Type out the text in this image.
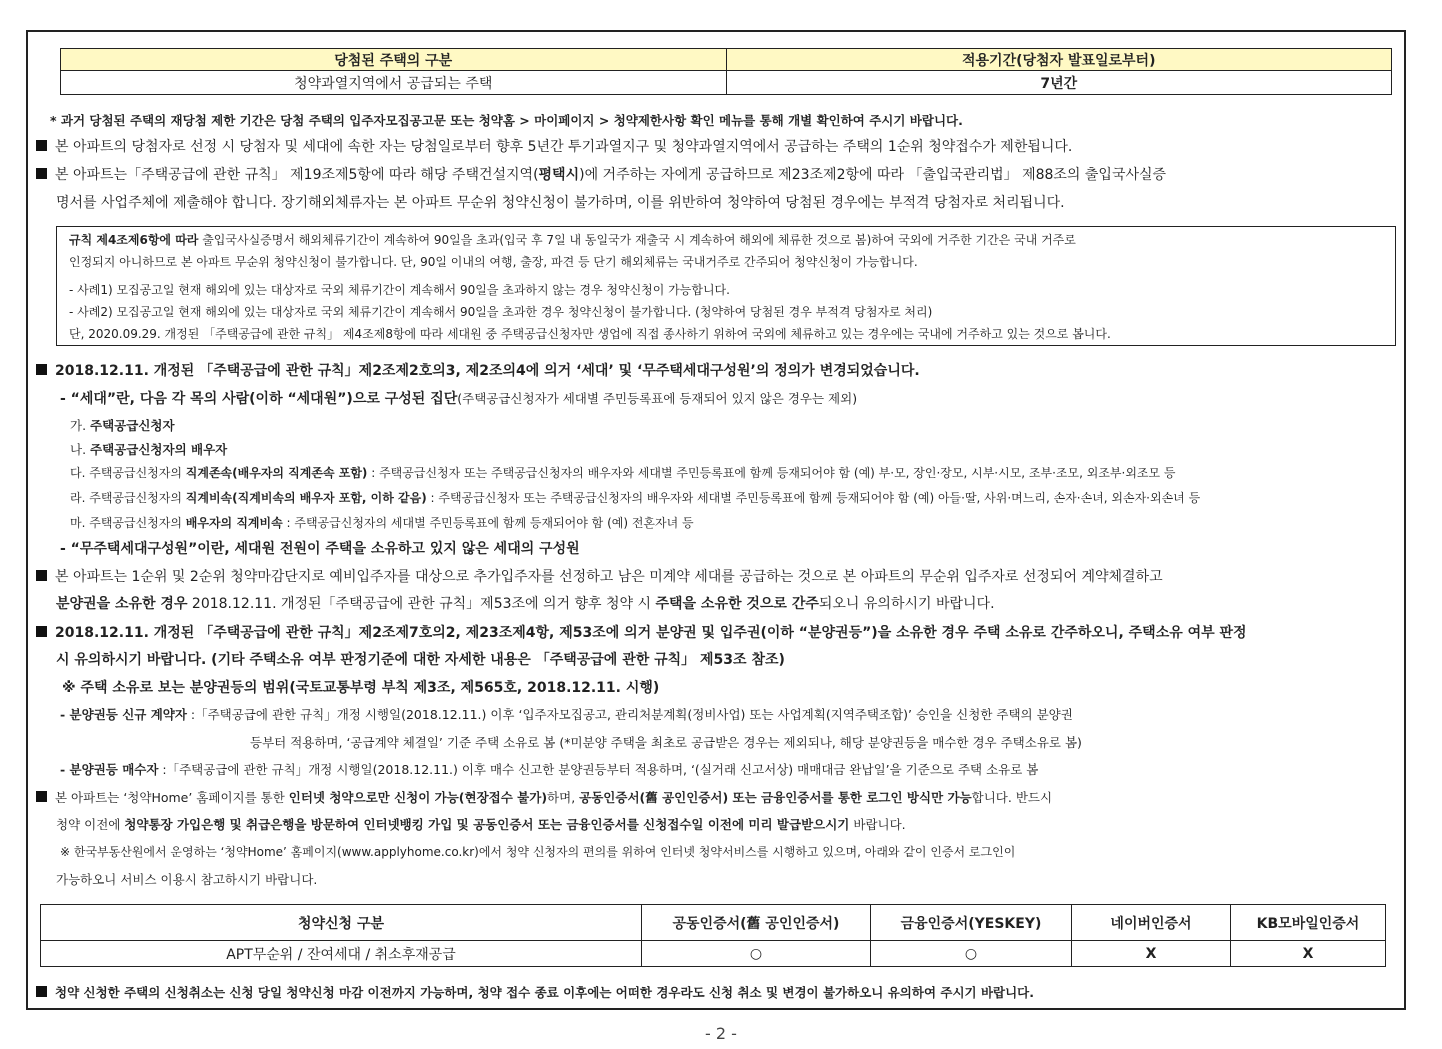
당첨된 주택의 구분	적용기간(당첨자 발표일로부터)
청약과열지역에서 공급되는 주택	7년간
* 과거 당첨된 주택의 재당첨 제한 기간은 당첨 주택의 입주자모집공고문 또는 청약홈 > 마이페이지 > 청약제한사항 확인 메뉴를 통해 개별 확인하여 주시기 바랍니다.
본 아파트의 당첨자로 선정 시 당첨자 및 세대에 속한 자는 당첨일로부터 향후 5년간 투기과열지구 및 청약과열지역에서 공급하는 주택의 1순위 청약접수가 제한됩니다.
본 아파트는「주택공급에 관한 규칙」 제19조제5항에 따라 해당 주택건설지역(평택시)에 거주하는 자에게 공급하므로 제23조제2항에 따라 「출입국관리법」 제88조의 출입국사실증
명서를 사업주체에 제출해야 합니다. 장기해외체류자는 본 아파트 무순위 청약신청이 불가하며, 이를 위반하여 청약하여 당첨된 경우에는 부적격 당첨자로 처리됩니다.
규칙 제4조제6항에 따라 출입국사실증명서 해외체류기간이 계속하여 90일을 초과(입국 후 7일 내 동일국가 재출국 시 계속하여 해외에 체류한 것으로 봄)하여 국외에 거주한 기간은 국내 거주로
인정되지 아니하므로 본 아파트 무순위 청약신청이 불가합니다. 단, 90일 이내의 여행, 출장, 파견 등 단기 해외체류는 국내거주로 간주되어 청약신청이 가능합니다.
- 사례1) 모집공고일 현재 해외에 있는 대상자로 국외 체류기간이 계속해서 90일을 초과하지 않는 경우 청약신청이 가능합니다.
- 사례2) 모집공고일 현재 해외에 있는 대상자로 국외 체류기간이 계속해서 90일을 초과한 경우 청약신청이 불가합니다. (청약하여 당첨된 경우 부적격 당첨자로 처리)
단, 2020.09.29. 개정된 「주택공급에 관한 규칙」 제4조제8항에 따라 세대원 중 주택공급신청자만 생업에 직접 종사하기 위하여 국외에 체류하고 있는 경우에는 국내에 거주하고 있는 것으로 봅니다.
2018.12.11. 개정된 「주택공급에 관한 규칙」제2조제2호의3, 제2조의4에 의거 ‘세대’ 및 ‘무주택세대구성원’의 정의가 변경되었습니다.
- “세대”란, 다음 각 목의 사람(이하 “세대원”)으로 구성된 집단(주택공급신청자가 세대별 주민등록표에 등재되어 있지 않은 경우는 제외)
가. 주택공급신청자
나. 주택공급신청자의 배우자
다. 주택공급신청자의 직계존속(배우자의 직계존속 포함) : 주택공급신청자 또는 주택공급신청자의 배우자와 세대별 주민등록표에 함께 등재되어야 함 (예) 부·모, 장인·장모, 시부·시모, 조부·조모, 외조부·외조모 등
라. 주택공급신청자의 직계비속(직계비속의 배우자 포함, 이하 같음) : 주택공급신청자 또는 주택공급신청자의 배우자와 세대별 주민등록표에 함께 등재되어야 함 (예) 아들·딸, 사위·며느리, 손자·손녀, 외손자·외손녀 등
마. 주택공급신청자의 배우자의 직계비속 : 주택공급신청자의 세대별 주민등록표에 함께 등재되어야 함 (예) 전혼자녀 등
- “무주택세대구성원”이란, 세대원 전원이 주택을 소유하고 있지 않은 세대의 구성원
본 아파트는 1순위 및 2순위 청약마감단지로 예비입주자를 대상으로 추가입주자를 선정하고 남은 미계약 세대를 공급하는 것으로 본 아파트의 무순위 입주자로 선정되어 계약체결하고
분양권을 소유한 경우 2018.12.11. 개정된「주택공급에 관한 규칙」제53조에 의거 향후 청약 시 주택을 소유한 것으로 간주되오니 유의하시기 바랍니다.
2018.12.11. 개정된 「주택공급에 관한 규칙」제2조제7호의2, 제23조제4항, 제53조에 의거 분양권 및 입주권(이하 “분양권등”)을 소유한 경우 주택 소유로 간주하오니, 주택소유 여부 판정
시 유의하시기 바랍니다. (기타 주택소유 여부 판정기준에 대한 자세한 내용은 「주택공급에 관한 규칙」 제53조 참조)
※ 주택 소유로 보는 분양권등의 범위(국토교통부령 부칙 제3조, 제565호, 2018.12.11. 시행)
- 분양권등 신규 계약자 :「주택공급에 관한 규칙」개정 시행일(2018.12.11.) 이후 ‘입주자모집공고, 관리처분계획(정비사업) 또는 사업계획(지역주택조합)’ 승인을 신청한 주택의 분양권
등부터 적용하며, ‘공급계약 체결일’ 기준 주택 소유로 봄 (*미분양 주택을 최초로 공급받은 경우는 제외되나, 해당 분양권등을 매수한 경우 주택소유로 봄)
- 분양권등 매수자 :「주택공급에 관한 규칙」개정 시행일(2018.12.11.) 이후 매수 신고한 분양권등부터 적용하며, ‘(실거래 신고서상) 매매대금 완납일’을 기준으로 주택 소유로 봄
본 아파트는 ‘청약Home’ 홈페이지를 통한 인터넷 청약으로만 신청이 가능(현장접수 불가)하며, 공동인증서(舊 공인인증서) 또는 금융인증서를 통한 로그인 방식만 가능합니다. 반드시
청약 이전에 청약통장 가입은행 및 취급은행을 방문하여 인터넷뱅킹 가입 및 공동인증서 또는 금융인증서를 신청접수일 이전에 미리 발급받으시기 바랍니다.
※ 한국부동산원에서 운영하는 ‘청약Home’ 홈페이지(www.applyhome.co.kr)에서 청약 신청자의 편의를 위하여 인터넷 청약서비스를 시행하고 있으며, 아래와 같이 인증서 로그인이
가능하오니 서비스 이용시 참고하시기 바랍니다.
청약신청 구분	공동인증서(舊 공인인증서)	금융인증서(YESKEY)	네이버인증서	KB모바일인증서
APT무순위 / 잔여세대 / 취소후재공급	○	○	X	X
청약 신청한 주택의 신청취소는 신청 당일 청약신청 마감 이전까지 가능하며, 청약 접수 종료 이후에는 어떠한 경우라도 신청 취소 및 변경이 불가하오니 유의하여 주시기 바랍니다.
- 2 -
